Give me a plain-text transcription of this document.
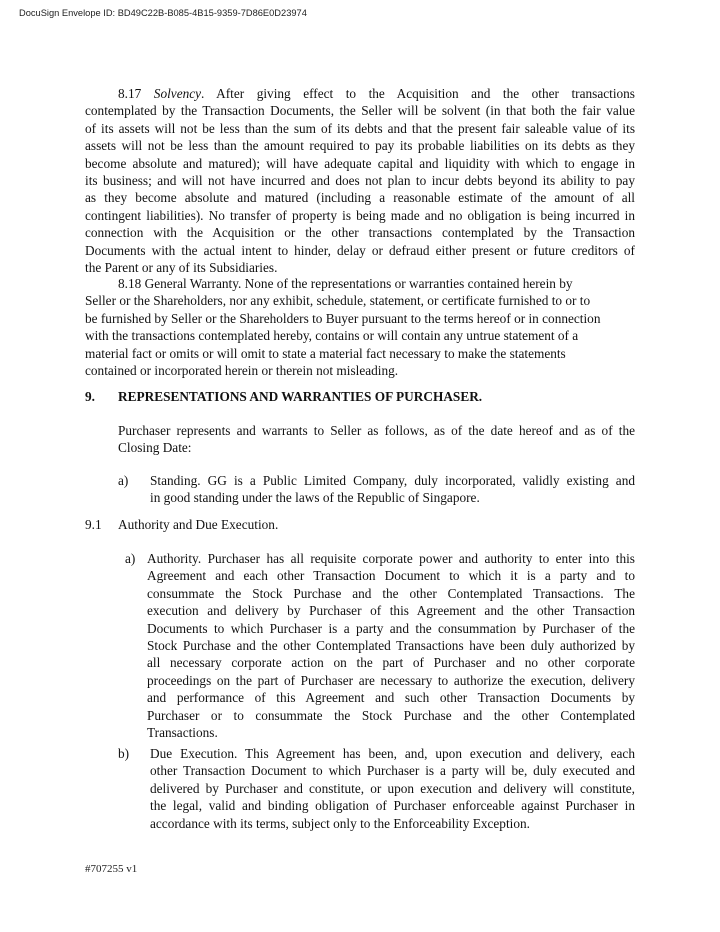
DocuSign Envelope ID: BD49C22B-B085-4B15-9359-7D86E0D23974
8.17 Solvency. After giving effect to the Acquisition and the other transactions
contemplated by the Transaction Documents, the Seller will be solvent (in that both the fair value
of its assets will not be less than the sum of its debts and that the present fair saleable value of its
assets will not be less than the amount required to pay its probable liabilities on its debts as they
become absolute and matured); will have adequate capital and liquidity with which to engage in
its business; and will not have incurred and does not plan to incur debts beyond its ability to pay
as they become absolute and matured (including a reasonable estimate of the amount of all
contingent liabilities). No transfer of property is being made and no obligation is being incurred in
connection with the Acquisition or the other transactions contemplated by the Transaction
Documents with the actual intent to hinder, delay or defraud either present or future creditors of
the Parent or any of its Subsidiaries.
8.18 General Warranty. None of the representations or warranties contained herein by
Seller or the Shareholders, nor any exhibit, schedule, statement, or certificate furnished to or to
be furnished by Seller or the Shareholders to Buyer pursuant to the terms hereof or in connection
with the transactions contemplated hereby, contains or will contain any untrue statement of a
material fact or omits or will omit to state a material fact necessary to make the statements
contained or incorporated herein or therein not misleading.
9. REPRESENTATIONS AND WARRANTIES OF PURCHASER.
Purchaser represents and warrants to Seller as follows, as of the date hereof and as of the
Closing Date:
a) Standing. GG is a Public Limited Company, duly incorporated, validly existing and
in good standing under the laws of the Republic of Singapore.
9.1 Authority and Due Execution.
a) Authority. Purchaser has all requisite corporate power and authority to enter into this
Agreement and each other Transaction Document to which it is a party and to
consummate the Stock Purchase and the other Contemplated Transactions. The
execution and delivery by Purchaser of this Agreement and the other Transaction
Documents to which Purchaser is a party and the consummation by Purchaser of the
Stock Purchase and the other Contemplated Transactions have been duly authorized by
all necessary corporate action on the part of Purchaser and no other corporate
proceedings on the part of Purchaser are necessary to authorize the execution, delivery
and performance of this Agreement and such other Transaction Documents by
Purchaser or to consummate the Stock Purchase and the other Contemplated
Transactions.
b) Due Execution. This Agreement has been, and, upon execution and delivery, each
other Transaction Document to which Purchaser is a party will be, duly executed and
delivered by Purchaser and constitute, or upon execution and delivery will constitute,
the legal, valid and binding obligation of Purchaser enforceable against Purchaser in
accordance with its terms, subject only to the Enforceability Exception.
#707255 v1
